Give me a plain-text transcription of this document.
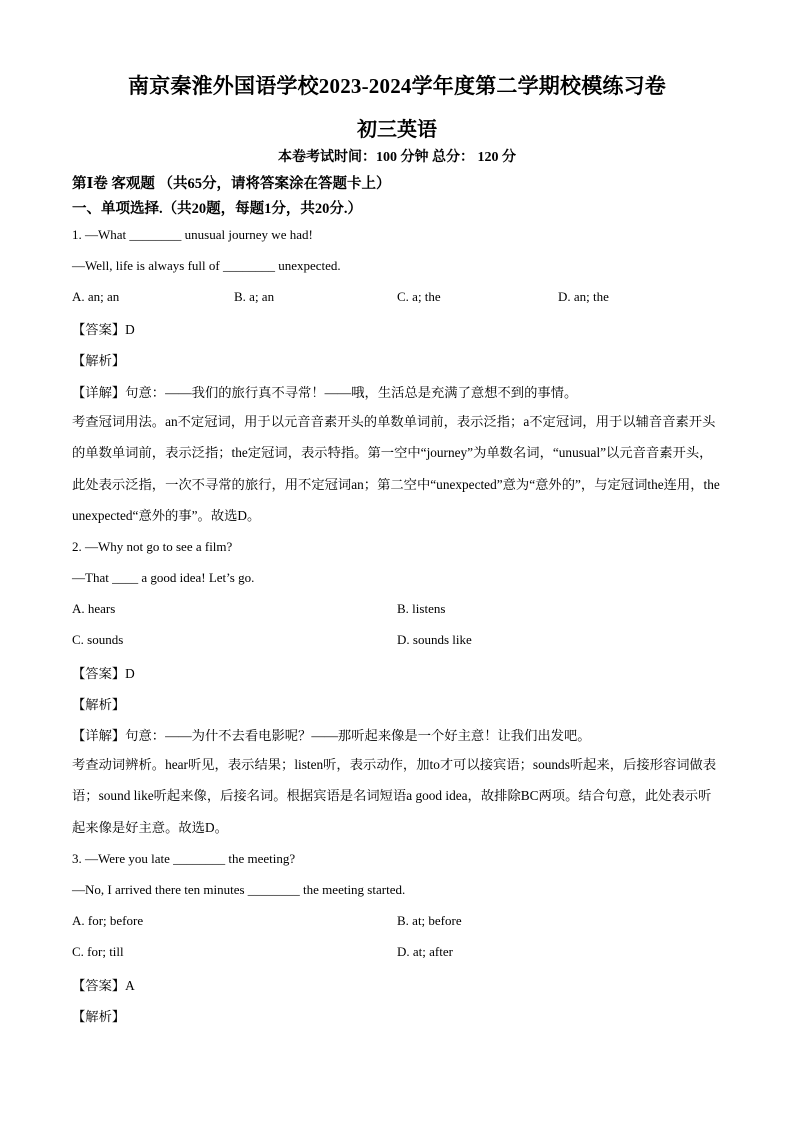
南京秦淮外国语学校2023-2024学年度第二学期校模练习卷
初三英语
本卷考试时间：100 分钟 总分： 120 分
第Ⅰ卷 客观题 （共65分，请将答案涂在答题卡上）
一、单项选择.（共20题，每题1分，共20分.）
1. —What ________ unusual journey we had!
—Well, life is always full of ________ unexpected.
A. an; an	B. a; an	C. a; the	D. an; the
【答案】D
【解析】
【详解】句意：——我们的旅行真不寻常！——哦，生活总是充满了意想不到的事情。
考查冠词用法。an不定冠词，用于以元音音素开头的单数单词前，表示泛指；a不定冠词，用于以辅音音素开头的单数单词前，表示泛指；the定冠词，表示特指。第一空中“journey”为单数名词，“unusual”以元音音素开头，此处表示泛指，一次不寻常的旅行，用不定冠词an；第二空中“unexpected”意为“意外的”，与定冠词the连用，the unexpected“意外的事”。故选D。
2. —Why not go to see a film?
—That ____ a good idea! Let’s go.
A. hears	B. listens
C. sounds	D. sounds like
【答案】D
【解析】
【详解】句意：——为什不去看电影呢？——那听起来像是一个好主意！让我们出发吧。
考查动词辨析。hear听见，表示结果；listen听，表示动作，加to才可以接宾语；sounds听起来，后接形容词做表语；sound like听起来像，后接名词。根据宾语是名词短语a good idea，故排除BC两项。结合句意，此处表示听起来像是好主意。故选D。
3. —Were you late ________ the meeting?
—No, I arrived there ten minutes ________ the meeting started.
A. for; before	B. at; before
C. for; till	D. at; after
【答案】A
【解析】
